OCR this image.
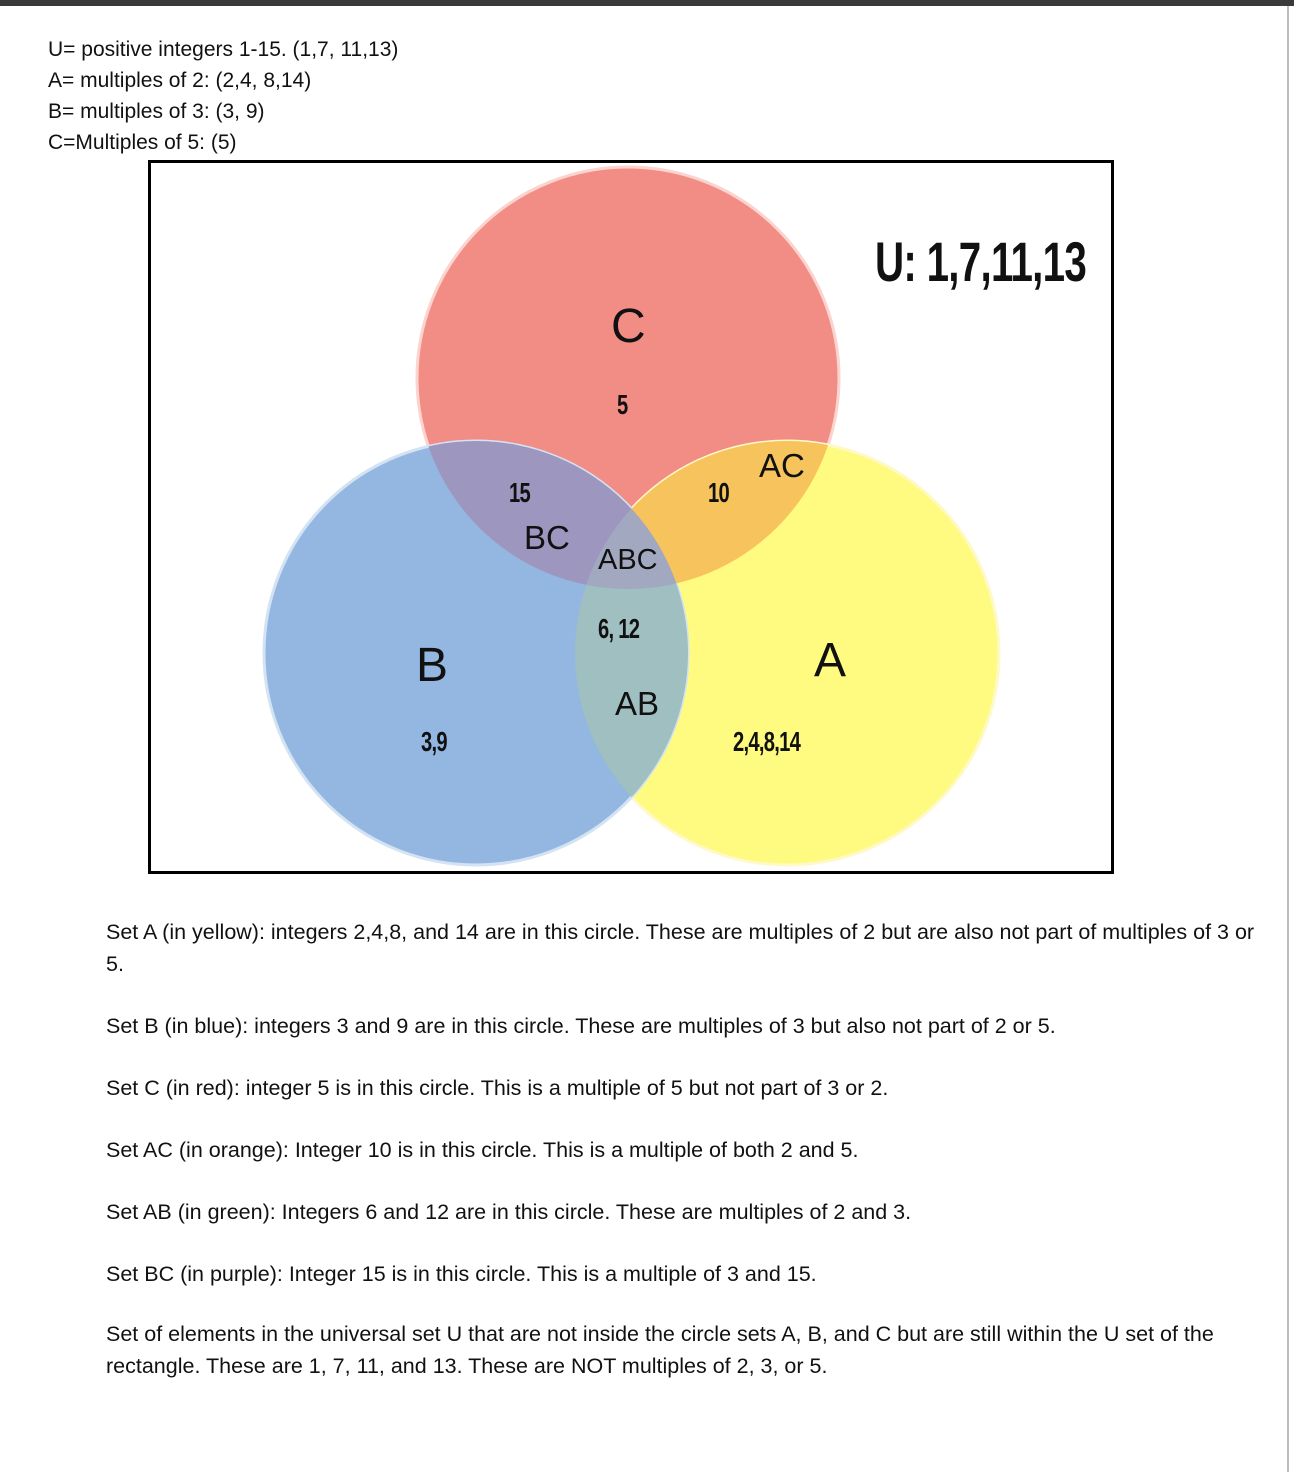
U= positive integers 1-15. (1,7, 11,13)
A= multiples of 2: (2,4, 8,14)
B= multiples of 3: (3, 9)
C=Multiples of 5: (5)
U: 1,7,11,13
C
5
AC
10
15
BC
ABC
6, 12
AB
B
3,9
A
2,4,8,14
Set A (in yellow): integers 2,4,8, and 14 are in this circle. These are multiples of 2 but are also not part of multiples of 3 or 5.
Set B (in blue): integers 3 and 9 are in this circle. These are multiples of 3 but also not part of 2 or 5.
Set C (in red): integer 5 is in this circle. This is a multiple of 5 but not part of 3 or 2.
Set AC (in orange): Integer 10 is in this circle. This is a multiple of both 2 and 5.
Set AB (in green): Integers 6 and 12 are in this circle. These are multiples of 2 and 3.
Set BC (in purple): Integer 15 is in this circle. This is a multiple of 3 and 15.
Set of elements in the universal set U that are not inside the circle sets A, B, and C but are still within the U set of the rectangle. These are 1, 7, 11, and 13. These are NOT multiples of 2, 3, or 5.
